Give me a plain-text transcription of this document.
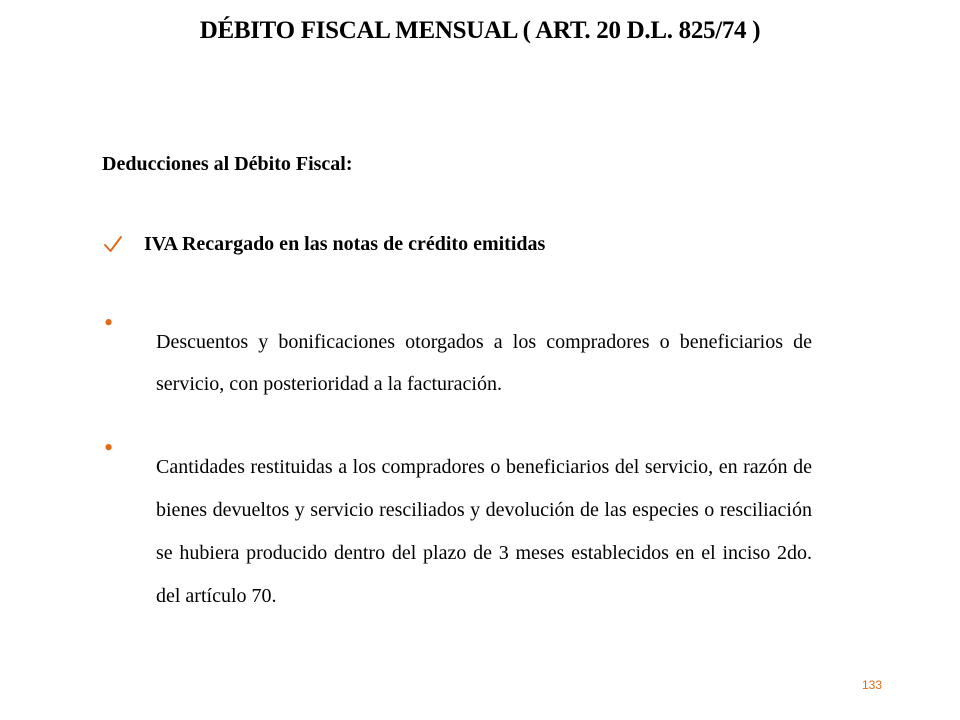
DÉBITO FISCAL MENSUAL ( ART. 20 D.L. 825/74 )
Deducciones al Débito Fiscal:
IVA Recargado en las notas de crédito emitidas
•
Descuentos y bonificaciones otorgados a los compradores o beneficiarios de servicio, con posterioridad a la facturación.
•
Cantidades restituidas a los compradores o beneficiarios del servicio, en razón de bienes devueltos y servicio resciliados y devolución de las especies o resciliación se hubiera producido dentro del plazo de 3 meses establecidos en el inciso 2do. del artículo 70.
133
